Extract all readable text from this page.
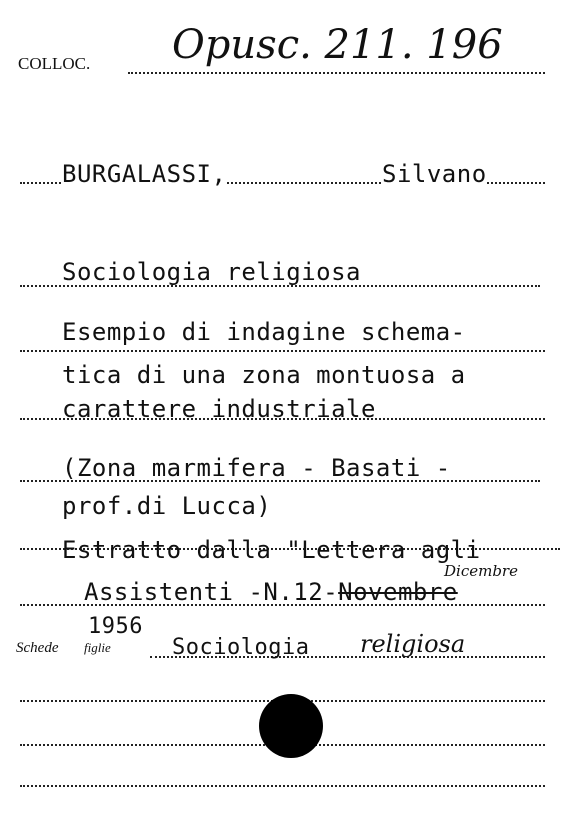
COLLOC. Opusc. 211. 196
BURGALASSI,	Silvano
Sociologia religiosa
Esempio di indagine schema-
tica di una zona montuosa a
carattere industriale
(Zona marmifera - Basati -
prof.di Lucca)
Estratto dalla "Lettera agli
Assistenti -N.12-Novembre
Dicembre
1956
Schede figlie	Sociologia religiosa
